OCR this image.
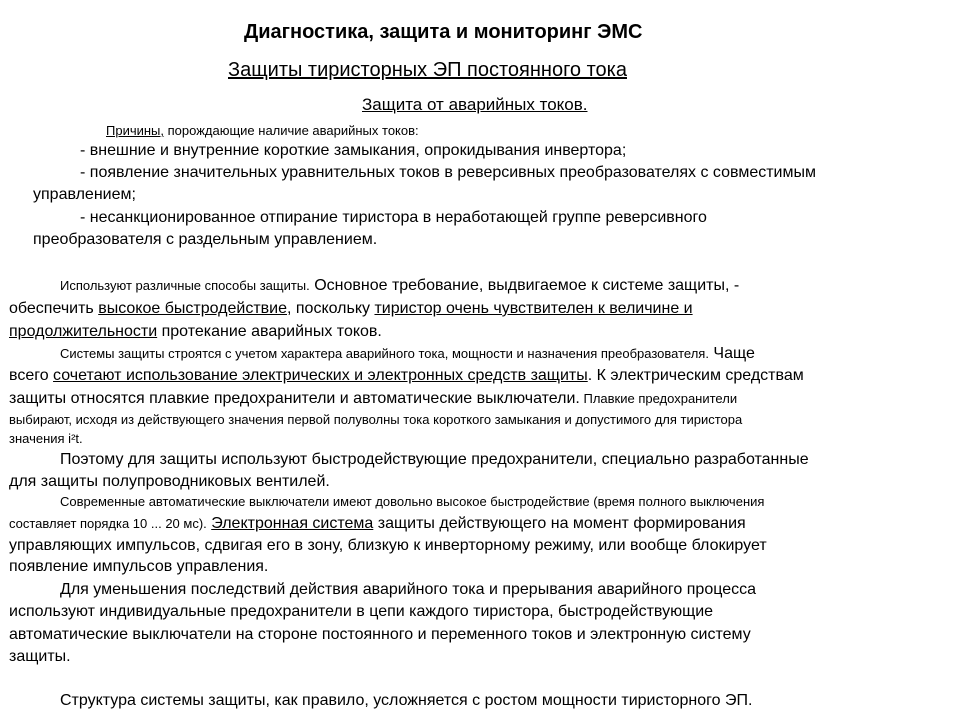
Диагностика, защита и мониторинг ЭМС
Защиты тиристорных ЭП постоянного тока
Защита от аварийных токов.
Причины, порождающие наличие аварийных токов:
- внешние и внутренние короткие замыкания, опрокидывания инвертора;
- появление значительных уравнительных токов в реверсивных преобразователях с совместимым
управлением;
- несанкционированное отпирание тиристора в неработающей группе реверсивного
преобразователя с раздельным управлением.
Используют различные способы защиты. Основное требование, выдвигаемое к системе защиты, -
обеспечить высокое быстродействие, поскольку тиристор очень чувствителен к величине и
продолжительности протекание аварийных токов.
Системы защиты строятся с учетом характера аварийного тока, мощности и назначения преобразователя. Чаще
всего сочетают использование электрических и электронных средств защиты. К электрическим средствам
защиты относятся плавкие предохранители и автоматические выключатели. Плавкие предохранители
выбирают, исходя из действующего значения первой полуволны тока короткого замыкания и допустимого для тиристора
значения i²t.
Поэтому для защиты используют быстродействующие предохранители, специально разработанные
для защиты полупроводниковых вентилей.
Современные автоматические выключатели имеют довольно высокое быстродействие (время полного выключения
составляет порядка 10 ... 20 мс). Электронная система защиты действующего на момент формирования
управляющих импульсов, сдвигая его в зону, близкую к инверторному режиму, или вообще блокирует
появление импульсов управления.
Для уменьшения последствий действия аварийного тока и прерывания аварийного процесса
используют индивидуальные предохранители в цепи каждого тиристора, быстродействующие
автоматические выключатели на стороне постоянного и переменного токов и электронную систему
защиты.
Структура системы защиты, как правило, усложняется с ростом мощности тиристорного ЭП.
